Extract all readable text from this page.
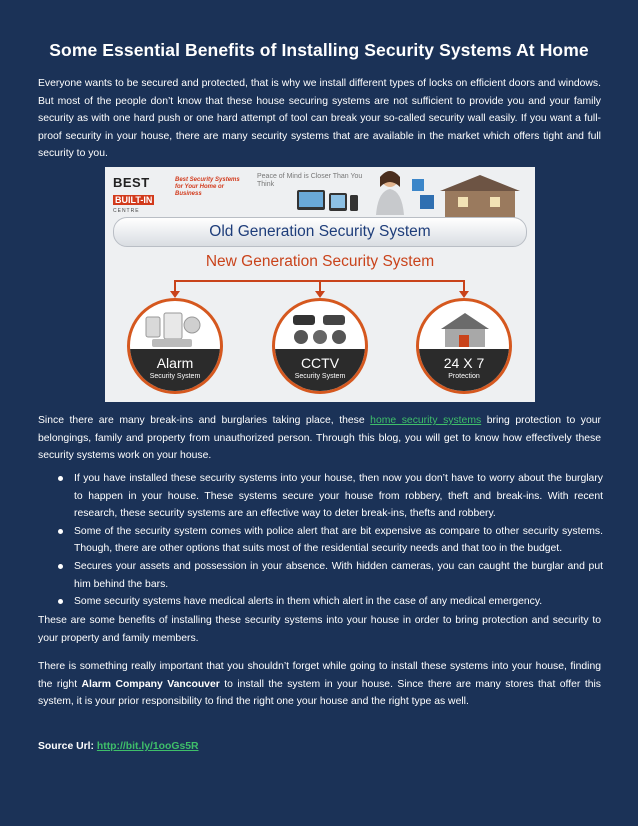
Some Essential Benefits of Installing Security Systems At Home

Everyone wants to be secured and protected, that is why we install different types of locks on efficient doors and windows. But most of the people don’t know that these house securing systems are not sufficient to provide you and your family security as with one hard push or one hard attempt of tool can break your so-called security wall easily. If you want a full-proof security in your house, there are many security systems that are available in the market which offers tight and full security to you.

BEST
BUILT-IN
CENTRE
Best Security Systems for Your Home or Business
Peace of Mind is Closer Than You Think
Old Generation Security System
New Generation Security System
Alarm
Security System
CCTV
Security System
24 X 7
Protection

Since there are many break-ins and burglaries taking place, these home security systems bring protection to your belongings, family and property from unauthorized person. Through this blog, you will get to know how effectively these security systems work on your house.

If you have installed these security systems into your house, then now you don’t have to worry about the burglary to happen in your house. These systems secure your house from robbery, theft and break-ins. With recent research, these security systems are an effective way to deter break-ins, thefts and robbery.
Some of the security system comes with police alert that are bit expensive as compare to other security systems. Though, there are other options that suits most of the residential security needs and that too in the budget.
Secures your assets and possession in your absence. With hidden cameras, you can caught the burglar and put him behind the bars.
Some security systems have medical alerts in them which alert in the case of any medical emergency.

These are some benefits of installing these security systems into your house in order to bring protection and security to your property and family members.

There is something really important that you shouldn’t forget while going to install these systems into your house, finding the right Alarm Company Vancouver to install the system in your house. Since there are many stores that offer this system, it is your prior responsibility to find the right one your house and the right type as well.

Source Url: http://bit.ly/1ooGs5R
